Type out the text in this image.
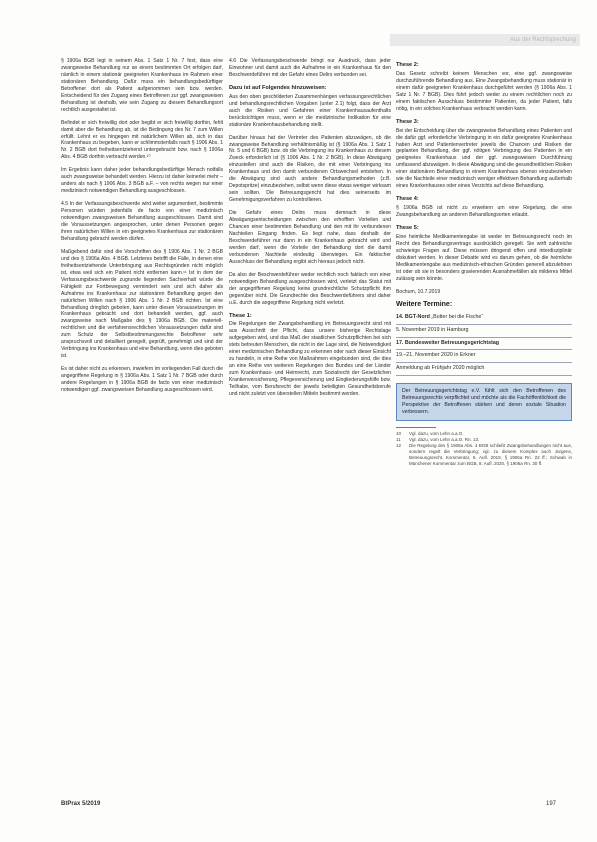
Aus der Rechtsprechung

§ 1906a BGB legt in seinem Abs. 1 Satz 1 Nr. 7 fest, dass eine zwangsweise Behandlung nur an einem bestimmten Ort erfolgen darf, nämlich in einem stationär geeigneten Krankenhaus im Rahmen einer stationären Behandlung. Dafür muss ein behandlungsbedürftiger Betroffener dort als Patient aufgenommen sein bzw. werden. Entscheidend für den Zugang eines Betroffenen zur ggf. zwangsweisen Behandlung ist deshalb, wie sein Zugang zu diesem Behandlungsort rechtlich ausgestaltet ist.

Befindet er sich freiwillig dort oder begibt er sich freiwillig dorthin, fehlt damit aber die Behandlung ab, ist die Bedingung des Nr. 7 zum Willen erfüllt. Lehnt er es hingegen mit natürlichem Willen ab, sich in das Krankenhaus zu begeben, kann er schlimmstenfalls nach § 1906 Abs. 1 Nr. 2 BGB dort freiheitsentziehend untergebracht bzw. nach § 1906a Abs. 4 BGB dorthin verbracht werden.¹⁰

Im Ergebnis kann daher jeder behandlungsbedürftige Mensch notfalls auch zwangsweise behandelt werden. Hierzu ist daher keinerlei mehr – anders als nach § 1906 Abs. 3 BGB a.F. – von rechts wegen nur einer medizinisch notwendigen Behandlung ausgeschlossen.

4.5 In der Verfassungsbeschwerde wird weiter argumentiert, bestimmte Personen würden jedenfalls de facto von einer medizinisch notwendigen zwangsweisen Behandlung ausgeschlossen. Damit sind die Voraussetzungen angesprochen, unter denen Personen gegen ihren natürlichen Willen in ein geeignetes Krankenhaus zur stationären Behandlung gebracht werden dürfen.

Maßgebend dafür sind die Vorschriften des § 1906 Abs. 1 Nr. 2 BGB und des § 1906a Abs. 4 BGB. Letzteres betrifft die Fälle, in denen eine freiheitsentziehende Unterbringung aus Rechtsgründen nicht möglich ist, etwa weil sich ein Patient nicht entfernen kann.¹¹ Ist in dem der Verfassungsbeschwerde zugrunde liegenden Sachverhalt würde die Fähigkeit zur Fortbewegung vermindert sein und sich daher als Aufnahme ins Krankenhaus zur stationären Behandlung gegen den natürlichen Willen nach § 1906 Abs. 1 Nr. 2 BGB richten. Ist eine Behandlung dringlich geboten, kann unter diesen Voraussetzungen im Krankenhaus gebracht und dort behandelt werden, ggf. auch zwangsweise nach Maßgabe des § 1906a BGB. Die materiell-rechtlichen und die verfahrensrechtlichen Voraussetzungen dafür sind zum Schutz der Selbstbestimmungsrechte Betroffener sehr anspruchsvoll und detailliert geregelt, geprüft, genehmigt und sind der Verbringung ins Krankenhaus und eine Behandlung, wenn dies geboten ist.

Es ist daher nicht zu erkennen, inwiefern im vorliegenden Fall durch die angegriffene Regelung in § 1906a Abs. 1 Satz 1 Nr. 7 BGB oder durch andere Regelungen in § 1906a BGB de facto von einer medizinisch notwendigen ggf. zwangsweisen Behandlung ausgeschlossen wird.

4.6 Die Verfassungsbeschwerde bringt nur Ausdruck, dass jeder Einwohner und damit auch die Aufnahme in ein Krankenhaus für den Beschwerdeführer mit der Gefahr eines Delirs verbunden sei.

Dazu ist auf Folgendes hinzuweisen:

Aus den oben geschilderten Zusammenhängen verfassungsrechtlichen und behandlungsrechtlichen Vorgaben (unter 2.1) folgt, dass der Arzt auch die Risiken und Gefahren einer Krankenhausaufenthalts berücksichtigen muss, wenn er die medizinische Indikation für eine stationäre Krankenhausbehandlung stellt.

Darüber hinaus hat der Vertreter des Patienten abzuwägen, ob die zwangsweise Behandlung verhältnismäßig ist (§ 1906a Abs. 1 Satz 1 Nr. 5 und 6 BGB) bzw. ob die Verbringung ins Krankenhaus zu diesem Zweck erforderlich ist (§ 1906 Abs. 1 Nr. 2 BGB). In diese Abwägung einzustellen sind auch die Risiken, die mit einer Verbringung ins Krankenhaus und den damit verbundenen Ortswechsel entstehen. In die Abwägung sind auch andere Behandlungsmethoden (z.B. Depotspritze) einzubeziehen, selbst wenn diese etwas weniger wirksam sein sollten. Die Betreuungsgericht hat dies seinerseits im Genehmigungsverfahren zu kontrollieren.

Die Gefahr eines Delirs muss demnach in diese Abwägungsentscheidungen zwischen den erhofften Vorteilen und Chancen einer bestimmten Behandlung und den mit ihr verbundenen Nachteilen Eingang finden. Es liegt nahe, dass deshalb der Beschwerdeführer nur dann in ein Krankenhaus gebracht wird und werden darf, wenn die Vorteile der Behandlung dort die damit verbundenen Nachteile eindeutig überwiegen. Ein faktischer Ausschluss der Behandlung ergibt sich hieraus jedoch nicht.

Da also der Beschwerdeführer weder rechtlich noch faktisch von einer notwendigen Behandlung ausgeschlossen wird, verletzt das Statut mit der angegriffenen Regelung keine grundrechtliche Schutzpflicht ihm gegenüber nicht. Die Grundrechte des Beschwerdeführers sind daher u.E. durch die angegriffene Regelung nicht verletzt.

These 1:

Die Regelungen der Zwangsbehandlung im Betreuungsrecht sind mit aus Ausschnitt der Pflicht, dass unsere bisherige Rechtslage aufgegeben wird, und das Maß der staatlichen Schutzpflichten bei sich stets betreuten Menschen, die nicht in der Lage sind, die Notwendigkeit einer medizinischen Behandlung zu erkennen oder nach dieser Einsicht zu handeln, in eine Reihe von Maßnahmen eingebunden sind, die dies an eine Reihe von weiteren Regelungen des Bundes und der Länder zum Krankenhaus- und Heimrecht, zum Sozialrecht der Gesetzlichen Krankenversicherung, Pflegeversicherung und Eingliederungshilfe bzw. Teilhabe, vom Berufsrecht der jeweils beteiligten Gesundheitsberufe und nicht zuletzt von überstellen Mitteln bestimmt werden.

These 2:

Das Gesetz schreibt keinem Menschen vor, eine ggf. zwangsweise durchzuführende Behandlung aus. Eine Zwangsbehandlung muss stationär in einem dafür geeigneten Krankenhaus durchgeführt werden (§ 1906a Abs. 1 Satz 1 Nr. 7 BGB). Dies führt jedoch weder zu einem rechtlichen noch zu einem faktischen Ausschluss bestimmter Patienten, da jeder Patient, falls nötig, in ein solches Krankenhaus verbracht werden kann.

These 3:

Bei der Entscheidung über die zwangsweise Behandlung eines Patienten und die dafür ggf. erforderliche Verbringung in ein dafür geeignetes Krankenhaus haben Arzt und Patientenvertreter jeweils die Chancen und Risiken der geplanten Behandlung, der ggf. nötigen Verbringung des Patienten in ein geeignetes Krankenhaus und der ggf. zwangsweisen Durchführung umfassend abzuwägen. In diese Abwägung sind die gesundheitlichen Risiken einer stationären Behandlung in einem Krankenhaus ebenso einzubeziehen wie die Nachteile einer medizinisch weniger effektiven Behandlung außerhalb eines Krankenhauses oder eines Verzichts auf diese Behandlung.

These 4:

§ 1906a BGB ist nicht zu erweitern um eine Regelung, die eine Zwangsbehandlung an anderen Behandlungsorten erlaubt.

These 5:

Eine heimliche Medikamentengabe ist weder im Betreuungsrecht noch im Recht des Behandlungsvertrags ausdrücklich geregelt. Sie wirft zahlreiche schwierige Fragen auf. Diese müssen dringend offen und interdisziplinär diskutiert werden. In dieser Debatte wird es darum gehen, ob die heimliche Medikamentengabe aus medizinisch-ethischen Gründen generell abzulehnen ist oder ob sie in besonders gravierenden Ausnahmefällen als milderes Mittel zulässig sein könnte.

Bochum, 10.7.2019

Weitere Termine:
14. BGT-Nord „Butter bei die Fische“
5. November 2019 in Hamburg
17. Bundesweiter Betreuungsgerichtstag
19.–21. November 2020 in Erkner
Anmeldung ab Frühjahr 2020 möglich
Der Betreuungsgerichtstag e.V. fühlt sich den Betroffenen des Betreuungsrechts verpflichtet und möchte als die Fachöffentlichkeit die Perspektive der Betroffenen stärken und deren soziale Situation verbessern.
10	Vgl. dazu, vom Lehn a.a.O.
11	Vgl. dazu, vom Lehn a.a.O. Rn. 13.
12	Die Regelung des § 1906a Abs. 4 BGB schließt Zwangsbehandlungen nicht aus, sondern regelt die Verbringung; vgl. zu diesem Komplex auch Jürgens, Betreuungsrecht, Kommentar, 6. Aufl. 2019, § 1906a Rn. 22 ff.; Schwab in Münchener Kommentar zum BGB, 8. Aufl. 2020, § 1906a Rn. 30 ff.
BtPrax 5/2019	197
